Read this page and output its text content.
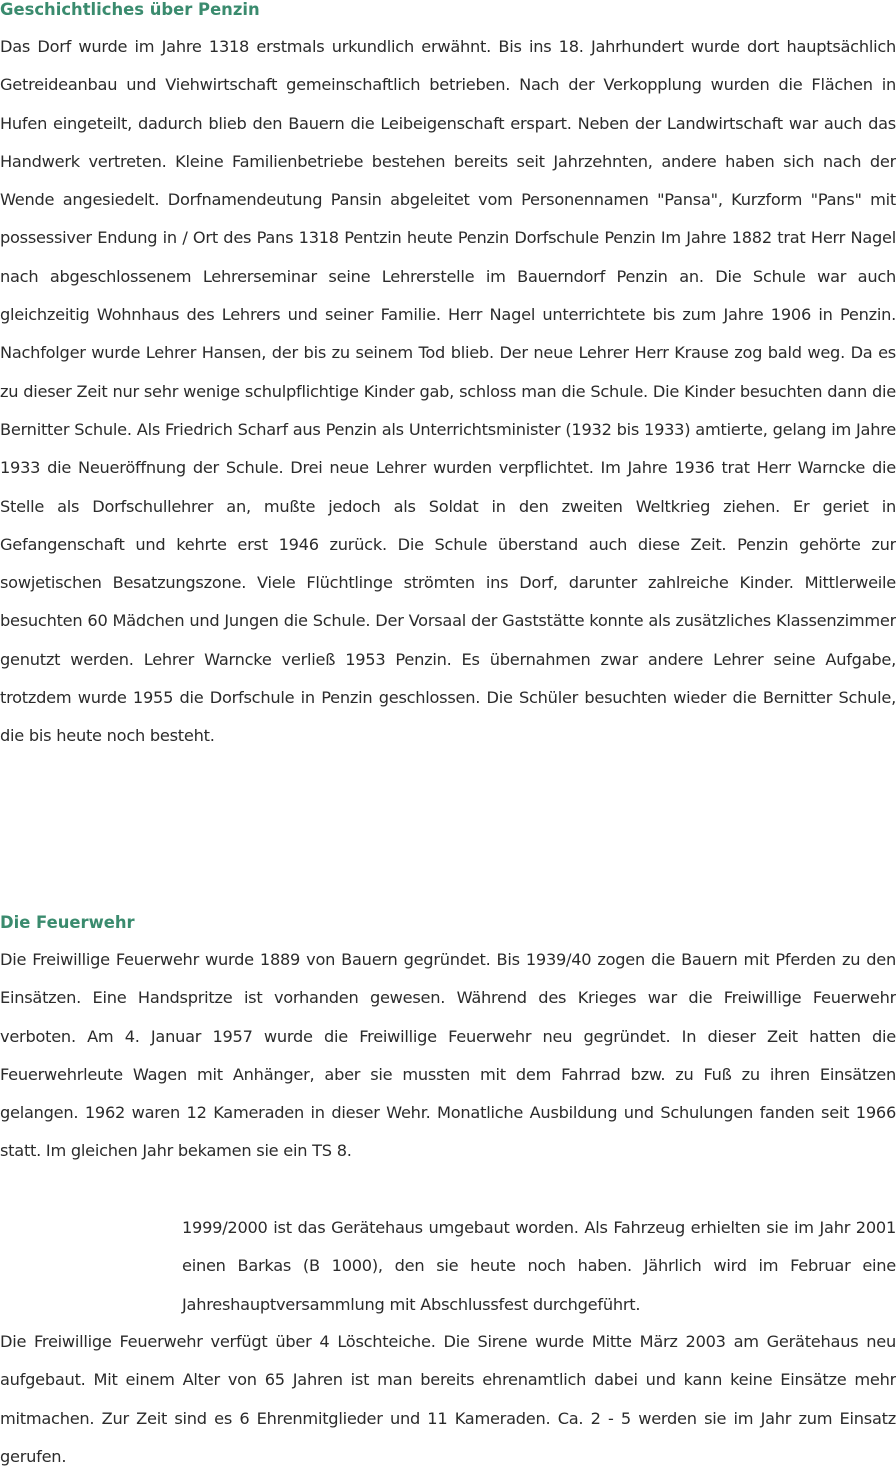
Geschichtliches über Penzin

Das Dorf wurde im Jahre 1318 erstmals urkundlich erwähnt. Bis ins 18. Jahrhundert wurde dort hauptsächlich Getreideanbau und Viehwirtschaft gemeinschaftlich betrieben. Nach der Verkopplung wurden die Flächen in Hufen eingeteilt, dadurch blieb den Bauern die Leibeigenschaft erspart. Neben der Landwirtschaft war auch das Handwerk vertreten. Kleine Familienbetriebe bestehen bereits seit Jahrzehnten, andere haben sich nach der Wende angesiedelt. Dorfnamendeutung Pansin abgeleitet vom Personennamen "Pansa", Kurzform "Pans" mit possessiver Endung in / Ort des Pans 1318 Pentzin heute Penzin Dorfschule Penzin Im Jahre 1882 trat Herr Nagel nach abgeschlossenem Lehrerseminar seine Lehrerstelle im Bauerndorf Penzin an. Die Schule war auch gleichzeitig Wohnhaus des Lehrers und seiner Familie. Herr Nagel unterrichtete bis zum Jahre 1906 in Penzin. Nachfolger wurde Lehrer Hansen, der bis zu seinem Tod blieb. Der neue Lehrer Herr Krause zog bald weg. Da es zu dieser Zeit nur sehr wenige schulpflichtige Kinder gab, schloss man die Schule. Die Kinder besuchten dann die Bernitter Schule. Als Friedrich Scharf aus Penzin als Unterrichtsminister (1932 bis 1933) amtierte, gelang im Jahre 1933 die Neueröffnung der Schule. Drei neue Lehrer wurden verpflichtet. Im Jahre 1936 trat Herr Warncke die Stelle als Dorfschullehrer an, mußte jedoch als Soldat in den zweiten Weltkrieg ziehen. Er geriet in Gefangenschaft und kehrte erst 1946 zurück. Die Schule überstand auch diese Zeit. Penzin gehörte zur sowjetischen Besatzungszone. Viele Flüchtlinge strömten ins Dorf, darunter zahlreiche Kinder. Mittlerweile besuchten 60 Mädchen und Jungen die Schule. Der Vorsaal der Gaststätte konnte als zusätzliches Klassenzimmer genutzt werden. Lehrer Warncke verließ 1953 Penzin. Es übernahmen zwar andere Lehrer seine Aufgabe, trotzdem wurde 1955 die Dorfschule in Penzin geschlossen. Die Schüler besuchten wieder die Bernitter Schule, die bis heute noch besteht.

Die Feuerwehr

Die Freiwillige Feuerwehr wurde 1889 von Bauern gegründet. Bis 1939/40 zogen die Bauern mit Pferden zu den Einsätzen. Eine Handspritze ist vorhanden gewesen. Während des Krieges war die Freiwillige Feuerwehr verboten. Am 4. Januar 1957 wurde die Freiwillige Feuerwehr neu gegründet. In dieser Zeit hatten die Feuerwehrleute Wagen mit Anhänger, aber sie mussten mit dem Fahrrad bzw. zu Fuß zu ihren Einsätzen gelangen. 1962 waren 12 Kameraden in dieser Wehr. Monatliche Ausbildung und Schulungen fanden seit 1966 statt. Im gleichen Jahr bekamen sie ein TS 8.

1999/2000 ist das Gerätehaus umgebaut worden. Als Fahrzeug erhielten sie im Jahr 2001 einen Barkas (B 1000), den sie heute noch haben. Jährlich wird im Februar eine Jahreshauptversammlung mit Abschlussfest durchgeführt.

Die Freiwillige Feuerwehr verfügt über 4 Löschteiche. Die Sirene wurde Mitte März 2003 am Gerätehaus neu aufgebaut. Mit einem Alter von 65 Jahren ist man bereits ehrenamtlich dabei und kann keine Einsätze mehr mitmachen. Zur Zeit sind es 6 Ehrenmitglieder und 11 Kameraden. Ca. 2 - 5 werden sie im Jahr zum Einsatz gerufen.
